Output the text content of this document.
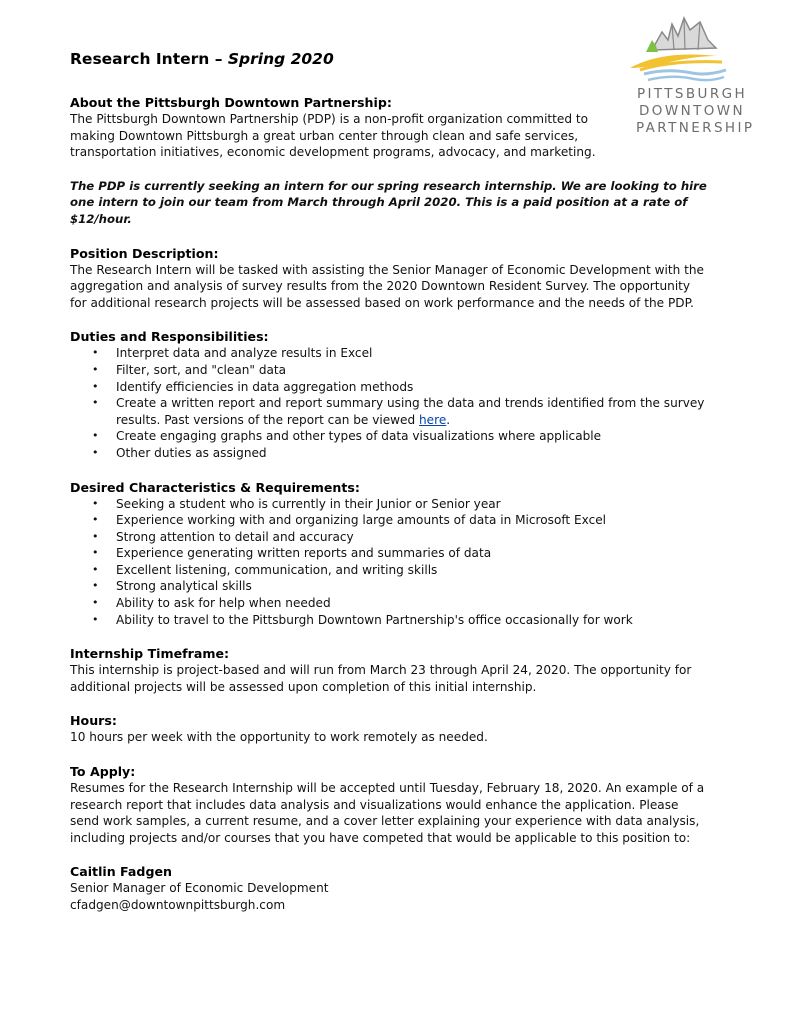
Research Intern – Spring 2020
PITTSBURGH
DOWNTOWN
PARTNERSHIP
About the Pittsburgh Downtown Partnership:

The Pittsburgh Downtown Partnership (PDP) is a non-profit organization committed to making Downtown Pittsburgh a great urban center through clean and safe services, transportation initiatives, economic development programs, advocacy, and marketing.

The PDP is currently seeking an intern for our spring research internship. We are looking to hire one intern to join our team from March through April 2020. This is a paid position at a rate of $12/hour.

Position Description:

The Research Intern will be tasked with assisting the Senior Manager of Economic Development with the aggregation and analysis of survey results from the 2020 Downtown Resident Survey. The opportunity for additional research projects will be assessed based on work performance and the needs of the PDP.

Duties and Responsibilities:
• Interpret data and analyze results in Excel
• Filter, sort, and "clean" data
• Identify efficiencies in data aggregation methods
• Create a written report and report summary using the data and trends identified from the survey results. Past versions of the report can be viewed here.
• Create engaging graphs and other types of data visualizations where applicable
• Other duties as assigned
Desired Characteristics & Requirements:
• Seeking a student who is currently in their Junior or Senior year
• Experience working with and organizing large amounts of data in Microsoft Excel
• Strong attention to detail and accuracy
• Experience generating written reports and summaries of data
• Excellent listening, communication, and writing skills
• Strong analytical skills
• Ability to ask for help when needed
• Ability to travel to the Pittsburgh Downtown Partnership's office occasionally for work
Internship Timeframe:

This internship is project-based and will run from March 23 through April 24, 2020. The opportunity for additional projects will be assessed upon completion of this initial internship.

Hours:

10 hours per week with the opportunity to work remotely as needed.

To Apply:

Resumes for the Research Internship will be accepted until Tuesday, February 18, 2020. An example of a research report that includes data analysis and visualizations would enhance the application. Please send work samples, a current resume, and a cover letter explaining your experience with data analysis, including projects and/or courses that you have competed that would be applicable to this position to:

Caitlin Fadgen

Senior Manager of Economic Development

cfadgen@downtownpittsburgh.com
